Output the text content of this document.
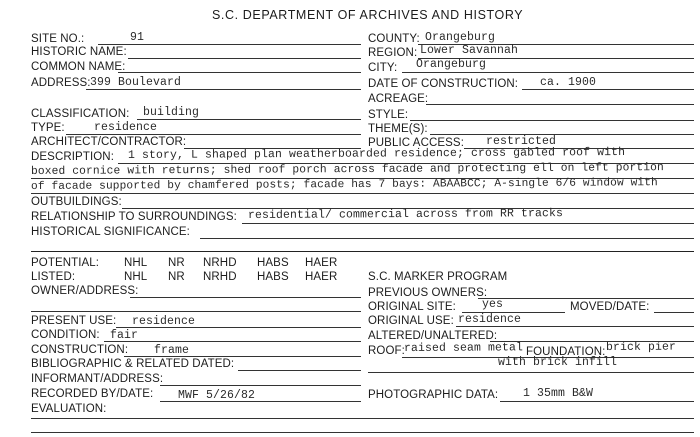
S.C. DEPARTMENT OF ARCHIVES AND HISTORY
SITE NO.:	91	COUNTY: Orangeburg
HISTORIC NAME:	REGION: Lower Savannah
COMMON NAME:	CITY: Orangeburg
ADDRESS: 399 Boulevard	DATE OF CONSTRUCTION: ca. 1900
ACREAGE:
CLASSIFICATION: building	STYLE:
TYPE:	residence	THEME(S):
ARCHITECT/CONTRACTOR:	PUBLIC ACCESS: restricted
DESCRIPTION: 1 story, L shaped plan weatherboarded residence; cross gabled roof with
boxed cornice with returns; shed roof porch across facade and protecting ell on left portion
of facade supported by chamfered posts; facade has 7 bays: ABAABCC; A-single 6/6 window with
OUTBUILDINGS:
RELATIONSHIP TO SURROUNDINGS: residential/ commercial across from RR tracks
HISTORICAL SIGNIFICANCE:
POTENTIAL: NHL NR NRHD HABS HAER
LISTED:	NHL NR NRHD HABS HAER	S.C. MARKER PROGRAM
OWNER/ADDRESS:	PREVIOUS OWNERS:
ORIGINAL SITE: yes	MOVED/DATE:
PRESENT USE: residence	ORIGINAL USE: residence
CONDITION: fair	ALTERED/UNALTERED:
CONSTRUCTION: frame	ROOF: raised seam metal FOUNDATION: brick pier
with brick infill
BIBLIOGRAPHIC & RELATED DATED:
INFORMANT/ADDRESS:
RECORDED BY/DATE: MWF 5/26/82	PHOTOGRAPHIC DATA: 1 35mm B&W
EVALUATION:
